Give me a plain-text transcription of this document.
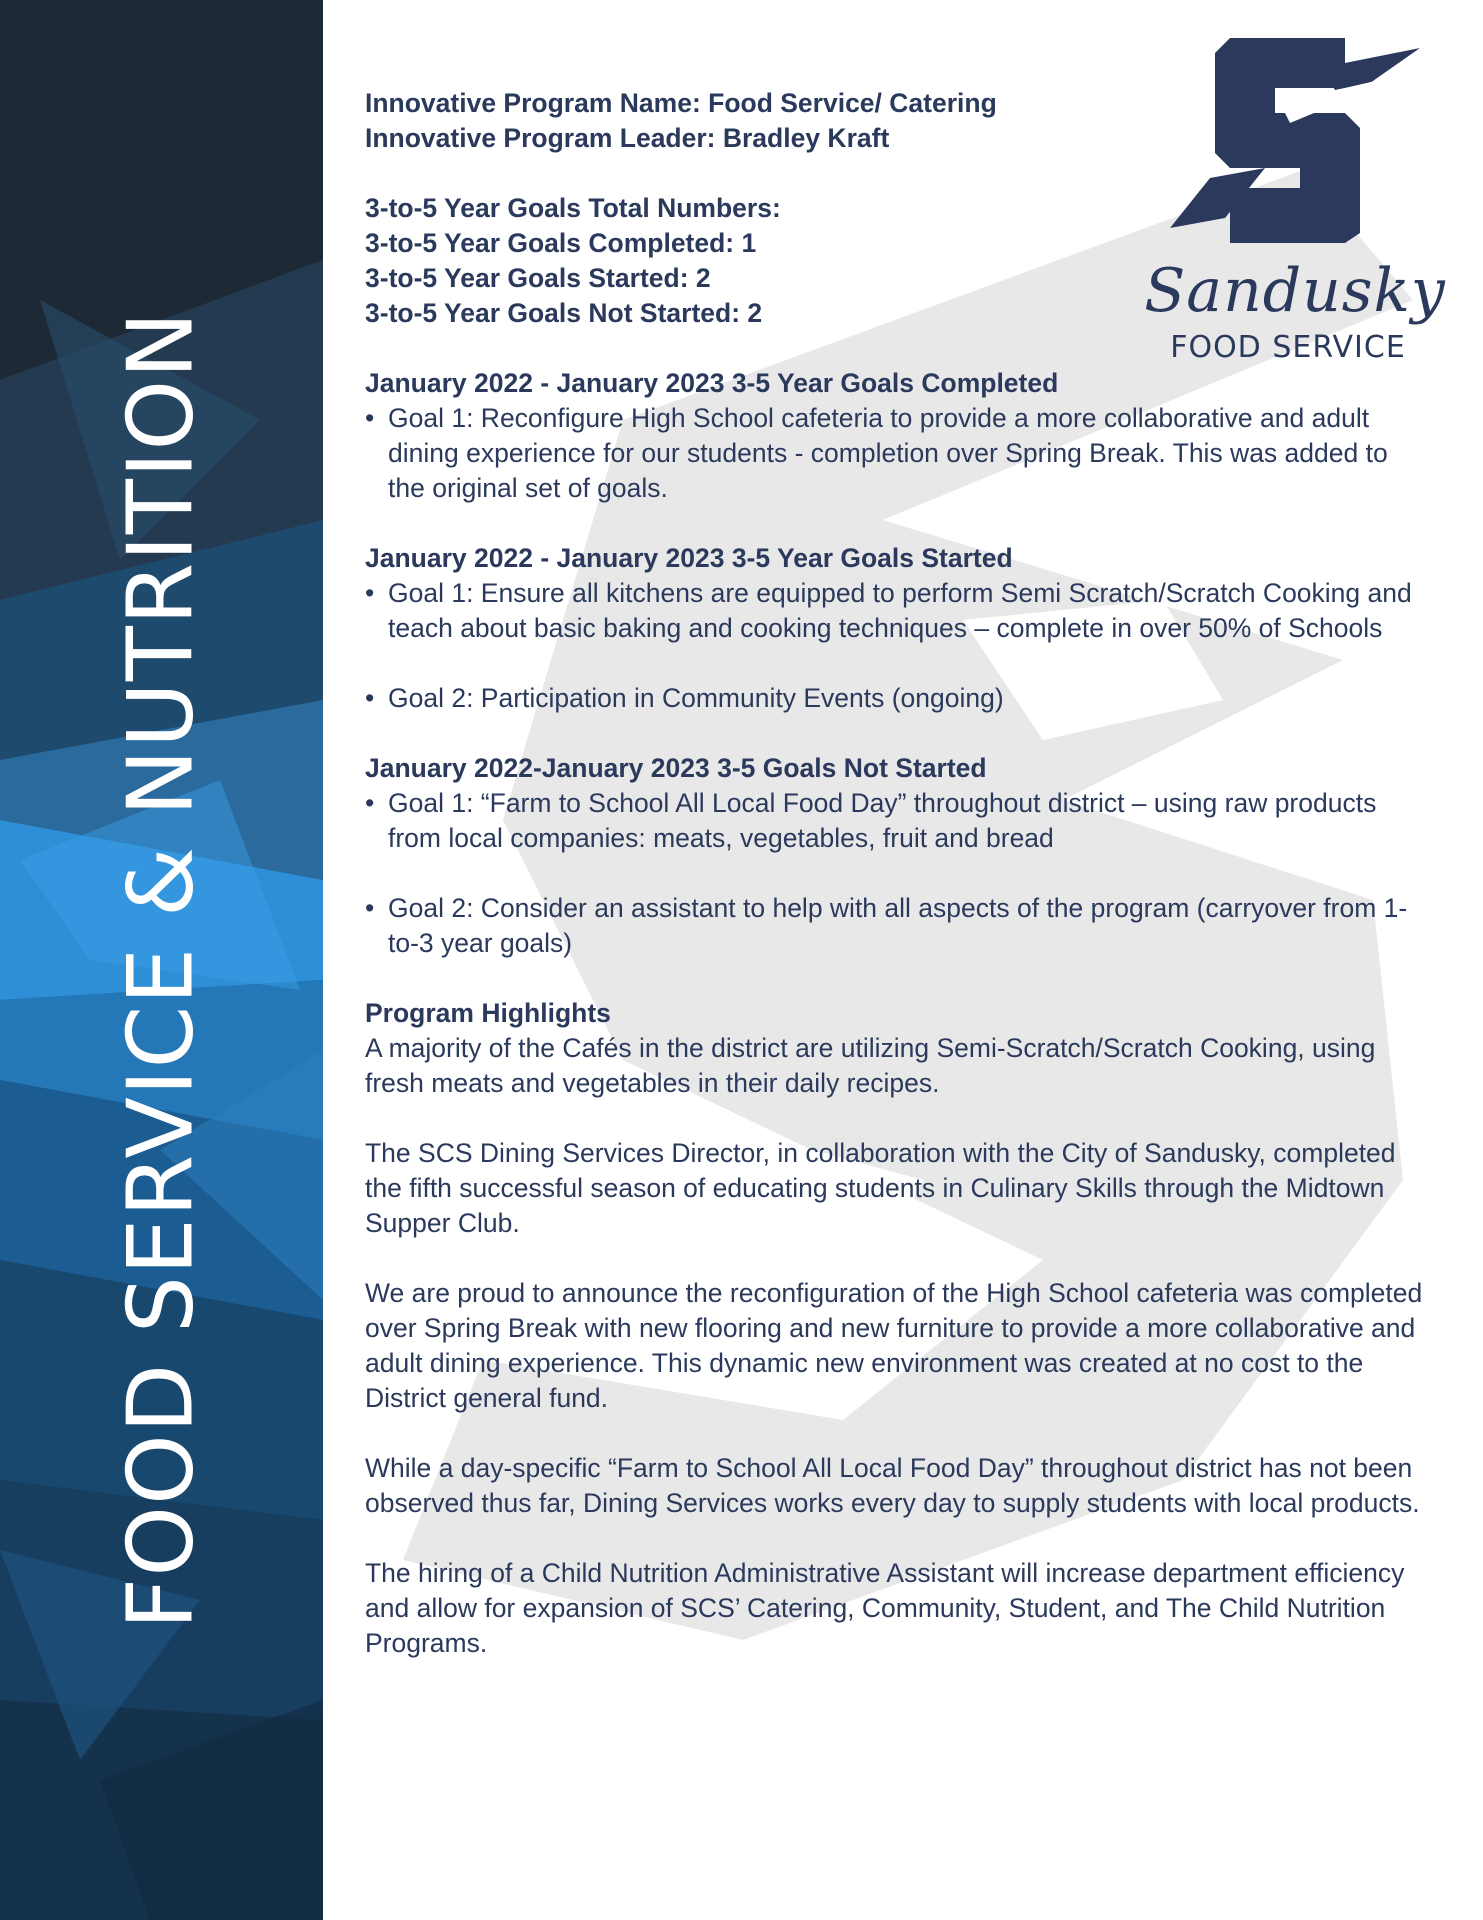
FOOD SERVICE & NUTRITION
Sandusky
FOOD SERVICE
Innovative Program Name: Food Service/ Catering
Innovative Program Leader: Bradley Kraft
3-to-5 Year Goals Total Numbers:
3-to-5 Year Goals Completed: 1
3-to-5 Year Goals Started: 2
3-to-5 Year Goals Not Started: 2
January 2022 - January 2023 3-5 Year Goals Completed
• Goal 1: Reconfigure High School cafeteria to provide a more collaborative and adult dining experience for our students - completion over Spring Break. This was added to the original set of goals.
January 2022 - January 2023 3-5 Year Goals Started
• Goal 1: Ensure all kitchens are equipped to perform Semi Scratch/Scratch Cooking and teach about basic baking and cooking techniques – complete in over 50% of Schools
• Goal 2: Participation in Community Events (ongoing)
January 2022-January 2023 3-5 Goals Not Started
• Goal 1: “Farm to School All Local Food Day” throughout district – using raw products from local companies: meats, vegetables, fruit and bread
• Goal 2: Consider an assistant to help with all aspects of the program (carryover from 1-to-3 year goals)
Program Highlights

A majority of the Cafés in the district are utilizing Semi-Scratch/Scratch Cooking, using fresh meats and vegetables in their daily recipes.

The SCS Dining Services Director, in collaboration with the City of Sandusky, completed the fifth successful season of educating students in Culinary Skills through the Midtown Supper Club.

We are proud to announce the reconfiguration of the High School cafeteria was completed over Spring Break with new flooring and new furniture to provide a more collaborative and adult dining experience. This dynamic new environment was created at no cost to the District general fund.

While a day-specific “Farm to School All Local Food Day” throughout district has not been observed thus far, Dining Services works every day to supply students with local products.

The hiring of a Child Nutrition Administrative Assistant will increase department efficiency and allow for expansion of SCS’ Catering, Community, Student, and The Child Nutrition Programs.
